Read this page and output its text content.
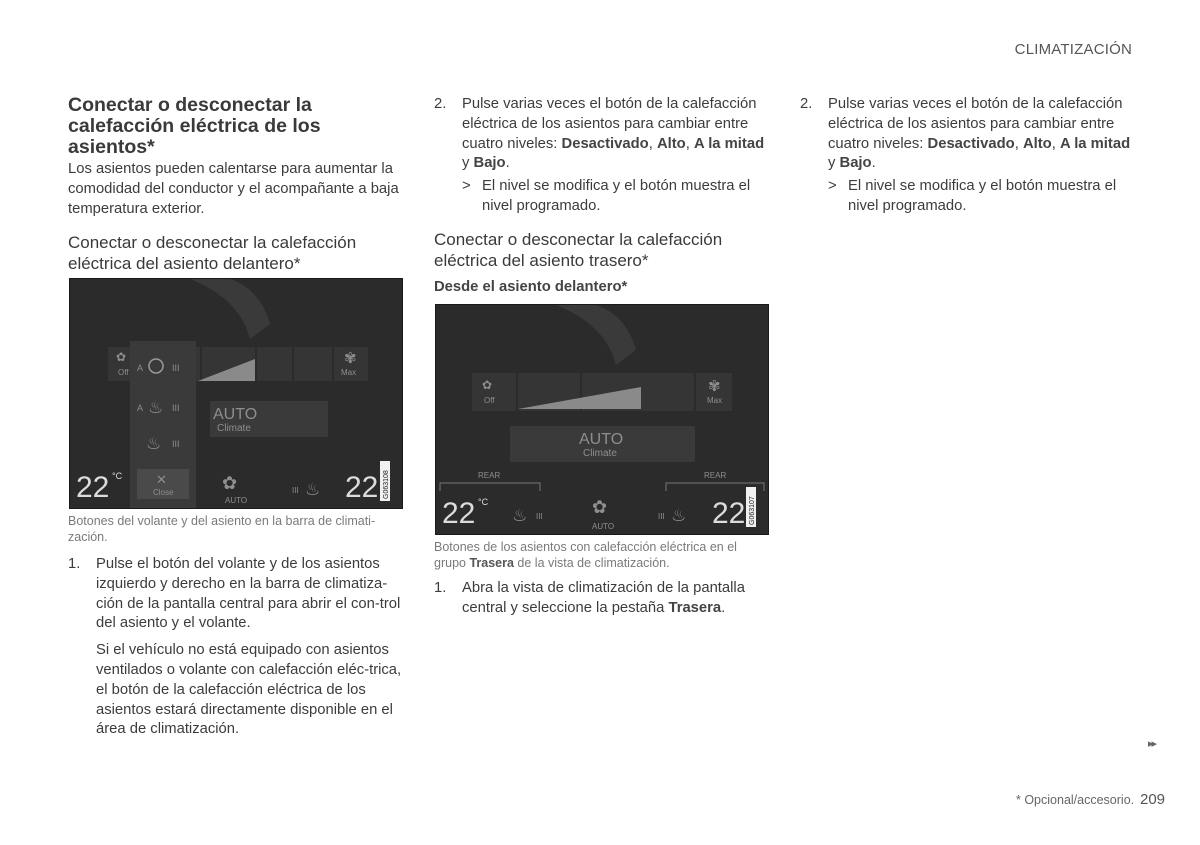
CLIMATIZACIÓN
Conectar o desconectar la calefacción eléctrica de los asientos*

Los asientos pueden calentarse para aumentar la comodidad del conductor y el acompañante a baja temperatura exterior.

Conectar o desconectar la calefacción eléctrica del asiento delantero*
✿
Off
✾
Max
AUTO
Climate
A	III
A ♨ III
♨ III
✕
Close
22 °C	✿
AUTO
III ♨ 22 G063108
Botones del volante y del asiento en la barra de climati-zación.
1. Pulse el botón del volante y de los asientos izquierdo y derecho en la barra de climatiza-ción de la pantalla central para abrir el con-trol del asiento y el volante.
Si el vehículo no está equipado con asientos ventilados o volante con calefacción eléc-trica, el botón de la calefacción eléctrica de los asientos estará directamente disponible en el área de climatización.
2. Pulse varias veces el botón de la calefacción eléctrica de los asientos para cambiar entre cuatro niveles: Desactivado, Alto, A la mitad y Bajo.
> El nivel se modifica y el botón muestra el nivel programado.
Conectar o desconectar la calefacción eléctrica del asiento trasero*
Desde el asiento delantero*
✿
Off
✾
Max
AUTO
Climate
REAR	REAR
22 °C
♨ III	✿
AUTO
III ♨ 22 G063107
Botones de los asientos con calefacción eléctrica en el grupo Trasera de la vista de climatización.
1. Abra la vista de climatización de la pantalla central y seleccione la pestaña Trasera.
2. Pulse varias veces el botón de la calefacción eléctrica de los asientos para cambiar entre cuatro niveles: Desactivado, Alto, A la mitad y Bajo.
> El nivel se modifica y el botón muestra el nivel programado.
▸▸
* Opcional/accesorio. 209
